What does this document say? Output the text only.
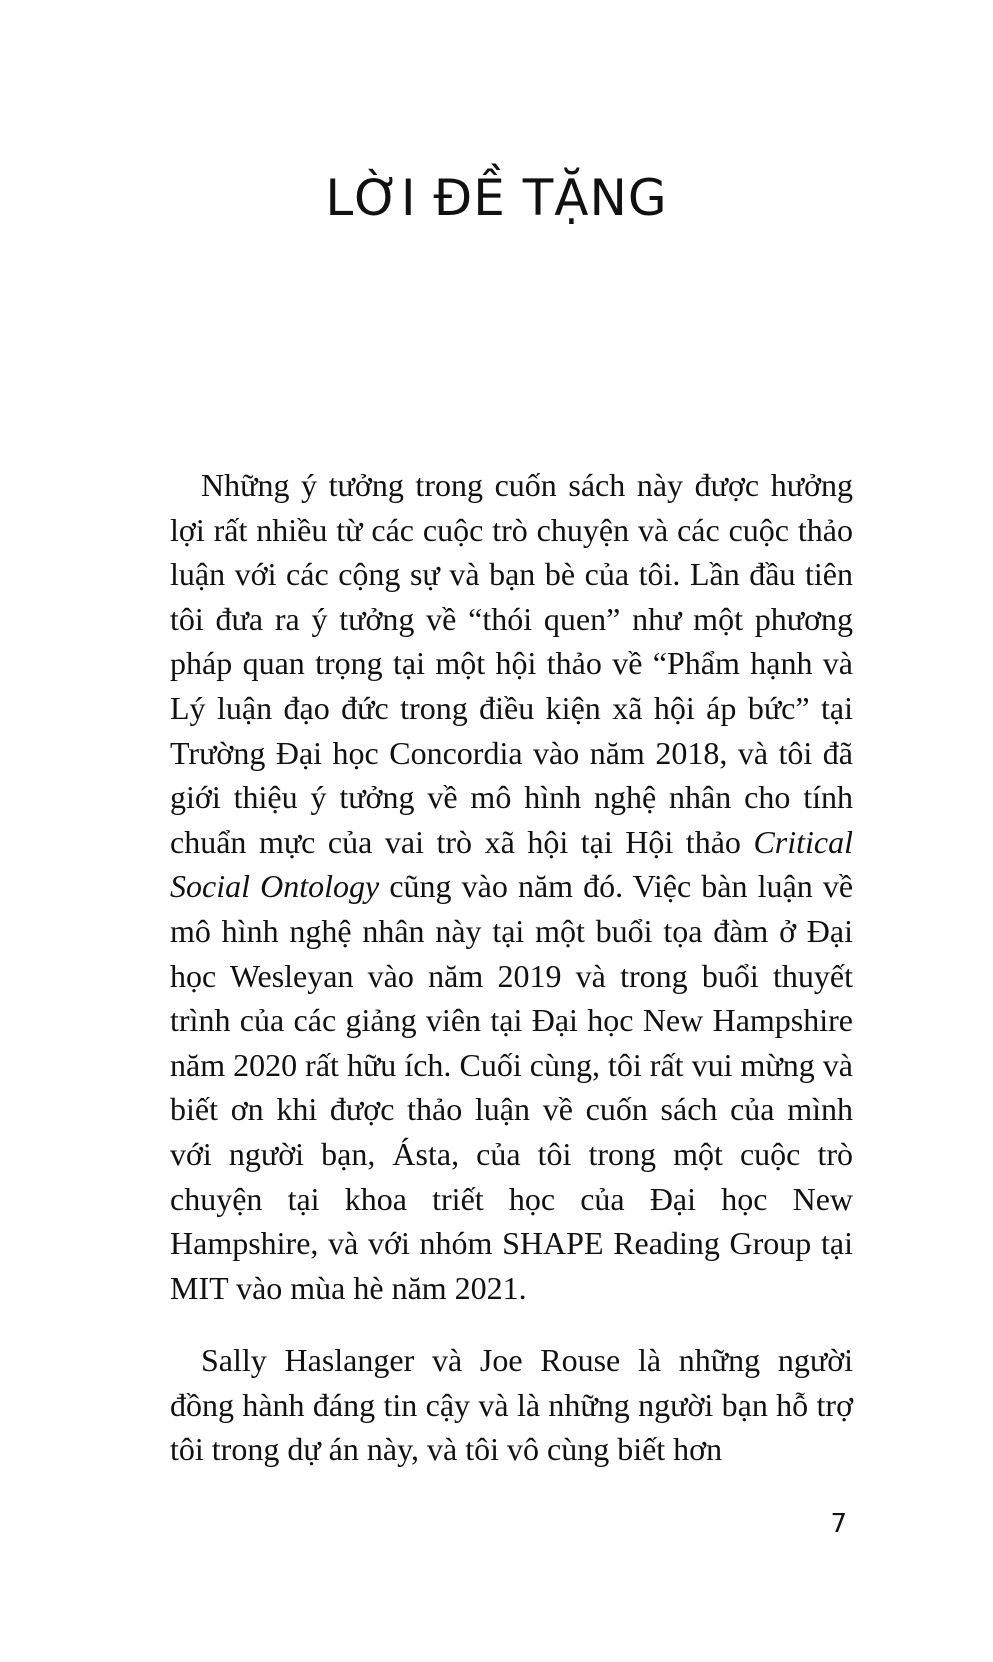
LỜI ĐỀ TẶNG

Những ý tưởng trong cuốn sách này được hưởng lợi rất nhiều từ các cuộc trò chuyện và các cuộc thảo luận với các cộng sự và bạn bè của tôi. Lần đầu tiên tôi đưa ra ý tưởng về “thói quen” như một phương pháp quan trọng tại một hội thảo về “Phẩm hạnh và Lý luận đạo đức trong điều kiện xã hội áp bức” tại Trường Đại học Concordia vào năm 2018, và tôi đã giới thiệu ý tưởng về mô hình nghệ nhân cho tính chuẩn mực của vai trò xã hội tại Hội thảo Critical Social Ontology cũng vào năm đó. Việc bàn luận về mô hình nghệ nhân này tại một buổi tọa đàm ở Đại học Wesleyan vào năm 2019 và trong buổi thuyết trình của các giảng viên tại Đại học New Hampshire năm 2020 rất hữu ích. Cuối cùng, tôi rất vui mừng và biết ơn khi được thảo luận về cuốn sách của mình với người bạn, Ásta, của tôi trong một cuộc trò chuyện tại khoa triết học của Đại học New Hampshire, và với nhóm SHAPE Reading Group tại MIT vào mùa hè năm 2021.

Sally Haslanger và Joe Rouse là những người đồng hành đáng tin cậy và là những người bạn hỗ trợ tôi trong dự án này, và tôi vô cùng biết hơn

7
